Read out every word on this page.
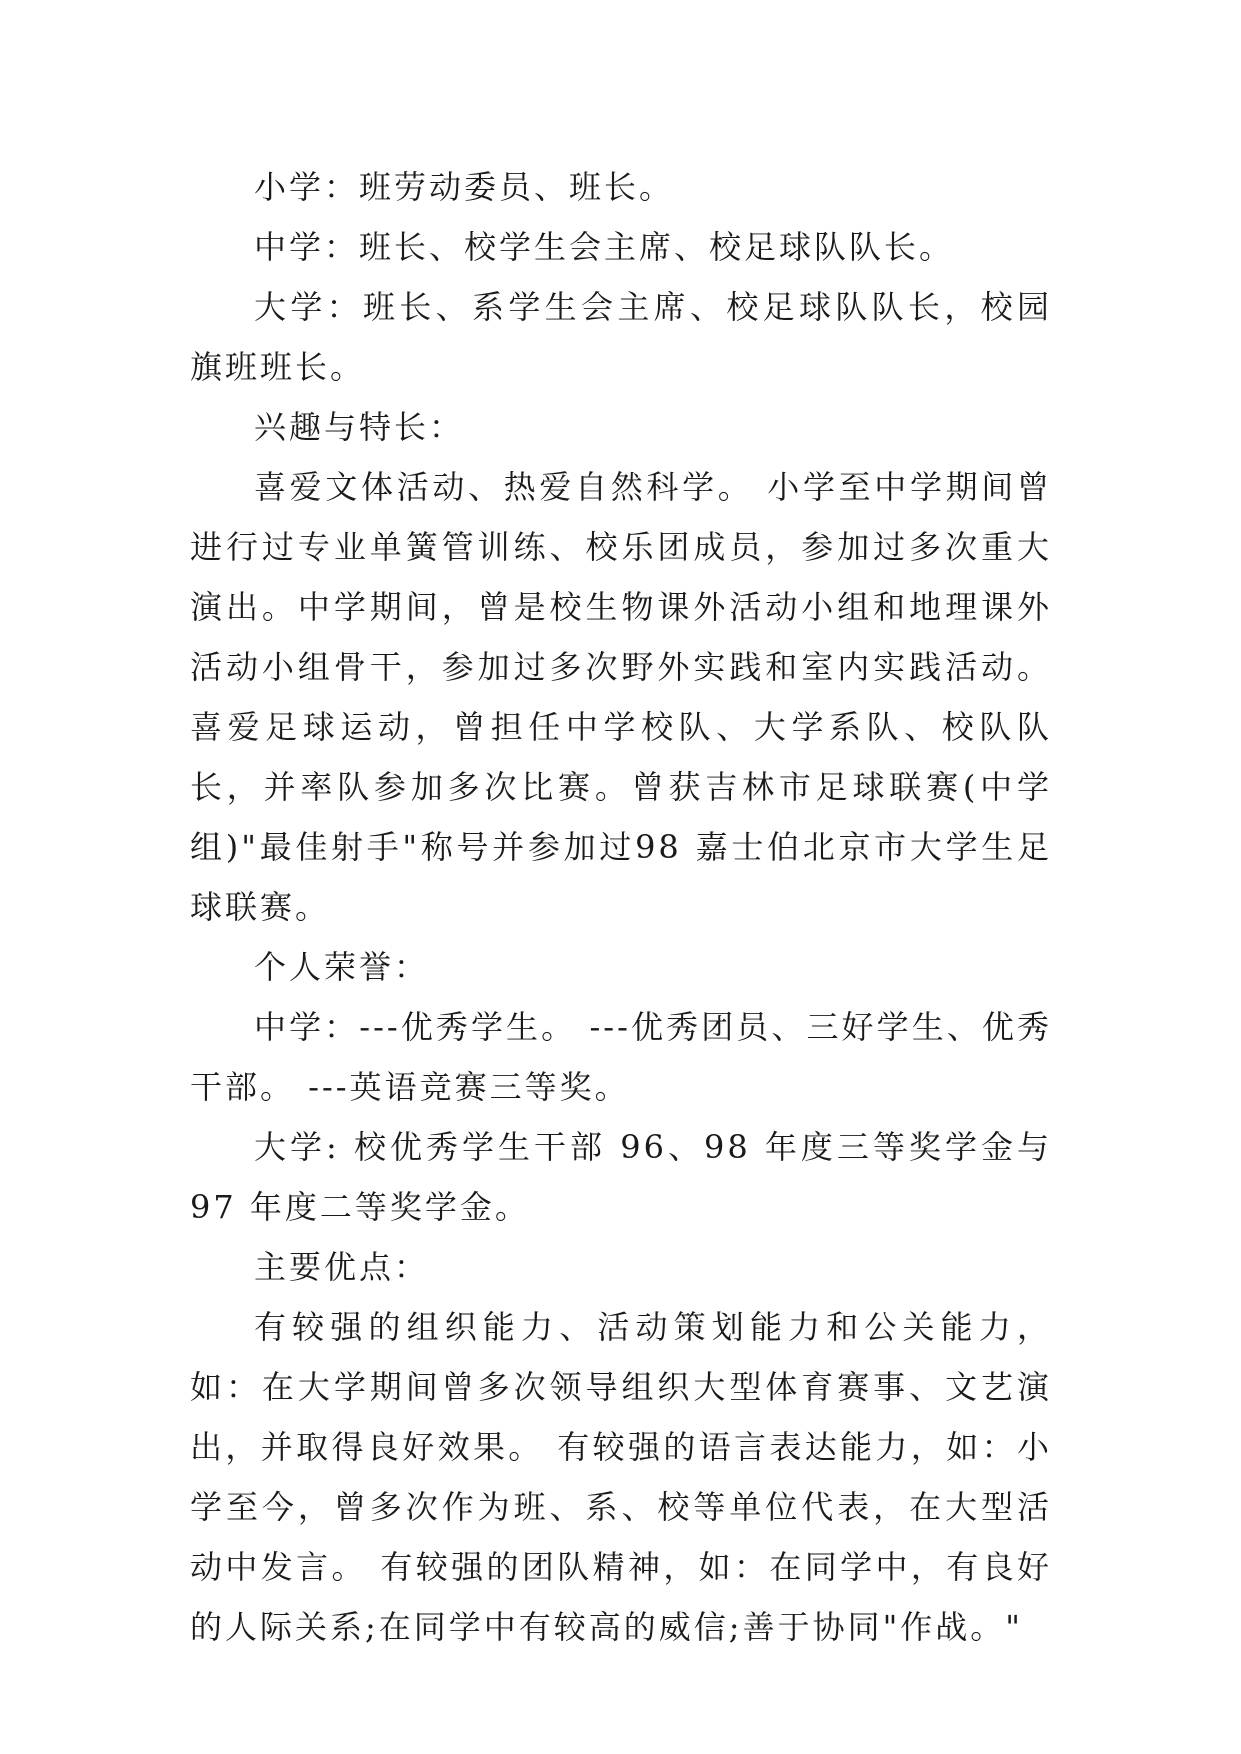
小学：班劳动委员、班长。

中学：班长、校学生会主席、校足球队队长。

大学：班长、系学生会主席、校足球队队长，校园旗班班长。

兴趣与特长：

喜爱文体活动、热爱自然科学。 小学至中学期间曾进行过专业单簧管训练、校乐团成员，参加过多次重大演出。中学期间，曾是校生物课外活动小组和地理课外活动小组骨干，参加过多次野外实践和室内实践活动。喜爱足球运动，曾担任中学校队、大学系队、校队队长，并率队参加多次比赛。曾获吉林市足球联赛(中学组)"最佳射手"称号并参加过98 嘉士伯北京市大学生足球联赛。

个人荣誉：

中学：---优秀学生。 ---优秀团员、三好学生、优秀干部。 ---英语竞赛三等奖。

大学: 校优秀学生干部 96、98 年度三等奖学金与 97 年度二等奖学金。

主要优点：

有较强的组织能力、活动策划能力和公关能力，如：在大学期间曾多次领导组织大型体育赛事、文艺演出，并取得良好效果。 有较强的语言表达能力，如：小学至今，曾多次作为班、系、校等单位代表，在大型活动中发言。 有较强的团队精神，如：在同学中，有良好的人际关系;在同学中有较高的威信;善于协同"作战。"
